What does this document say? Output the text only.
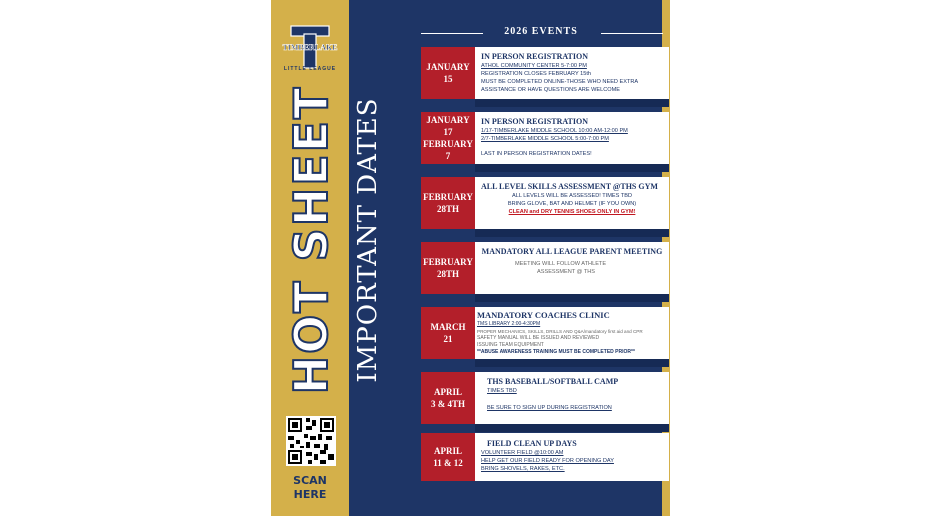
TIMBERLAKE
LITTLE LEAGUE
HOT SHEET
SCAN
HERE
IMPORTANT DATES
2026 EVENTS
JANUARY
15
IN PERSON REGISTRATION
ATHOL COMMUNITY CENTER 5-7:00 PM
REGISTRATION CLOSES FEBRUARY 15th
MUST BE COMPLETED ONLINE-THOSE WHO NEED EXTRA
ASSISTANCE OR HAVE QUESTIONS ARE WELCOME
JANUARY
17
FEBRUARY
7
IN PERSON REGISTRATION
1/17-TIMBERLAKE MIDDLE SCHOOL 10:00 AM-12:00 PM
2/7-TIMBERLAKE MIDDLE SCHOOL 5:00-7:00 PM
LAST IN PERSON REGISTRATION DATES!
FEBRUARY
28TH
ALL LEVEL SKILLS ASSESSMENT @THS GYM
ALL LEVELS WILL BE ASSESSED! TIMES TBD
BRING GLOVE, BAT AND HELMET (IF YOU OWN)
CLEAN and DRY TENNIS SHOES ONLY IN GYM!
FEBRUARY
28TH
MANDATORY ALL LEAGUE PARENT MEETING
MEETING WILL FOLLOW ATHLETE
ASSESSMENT @ THS
MARCH
21
MANDATORY COACHES CLINIC
TMS LIBRARY 2:00-4:30PM
PROPER MECHANICS, SKILLS, DRILLS AND Q&A/mandatory first aid and CPR
SAFETY MANUAL WILL BE ISSUED AND REVIEWED
ISSUING TEAM EQUIPMENT
**ABUSE AWARENESS TRAINING MUST BE COMPLETED PRIOR**
APRIL
3 & 4TH
THS BASEBALL/SOFTBALL CAMP
TIMES TBD
BE SURE TO SIGN UP DURING REGISTRATION
APRIL
11 & 12
FIELD CLEAN UP DAYS
VOLUNTEER FIELD @10:00 AM
HELP GET OUR FIELD READY FOR OPENING DAY
BRING SHOVELS, RAKES, ETC.
